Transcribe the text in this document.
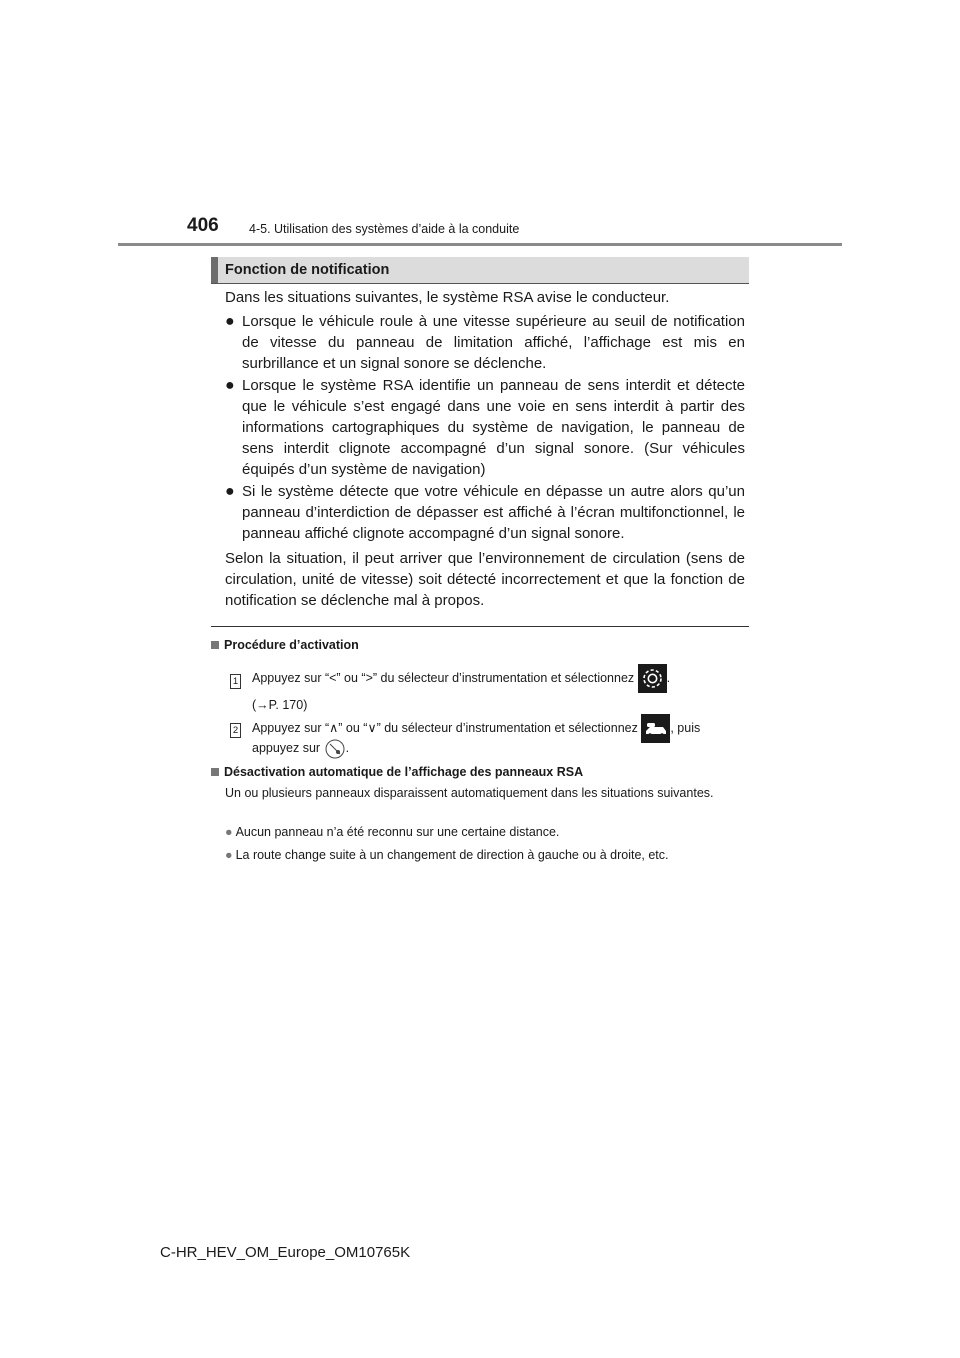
406 4-5. Utilisation des systèmes d’aide à la conduite
Fonction de notification
Dans les situations suivantes, le système RSA avise le conducteur.
● Lorsque le véhicule roule à une vitesse supérieure au seuil de notification de vitesse du panneau de limitation affiché, l’affichage est mis en surbrillance et un signal sonore se déclenche.
● Lorsque le système RSA identifie un panneau de sens interdit et détecte que le véhicule s’est engagé dans une voie en sens interdit à partir des informations cartographiques du système de navigation, le panneau de sens interdit clignote accompagné d’un signal sonore. (Sur véhicules équipés d’un système de navigation)
● Si le système détecte que votre véhicule en dépasse un autre alors qu’un panneau d’interdiction de dépasser est affiché à l’écran multifonctionnel, le panneau affiché clignote accompagné d’un signal sonore.
Selon la situation, il peut arriver que l’environnement de circulation (sens de circulation, unité de vitesse) soit détecté incorrectement et que la fonction de notification se déclenche mal à propos.
Procédure d’activation
1 Appuyez sur “<” ou “>” du sélecteur d’instrumentation et sélectionnez	.
(→P. 170)
2 Appuyez sur “∧” ou “∨” du sélecteur d’instrumentation et sélectionnez	, puis
appuyez sur .
Désactivation automatique de l’affichage des panneaux RSA
Un ou plusieurs panneaux disparaissent automatiquement dans les situations suivantes.
● Aucun panneau n’a été reconnu sur une certaine distance.
● La route change suite à un changement de direction à gauche ou à droite, etc.
C-HR_HEV_OM_Europe_OM10765K
